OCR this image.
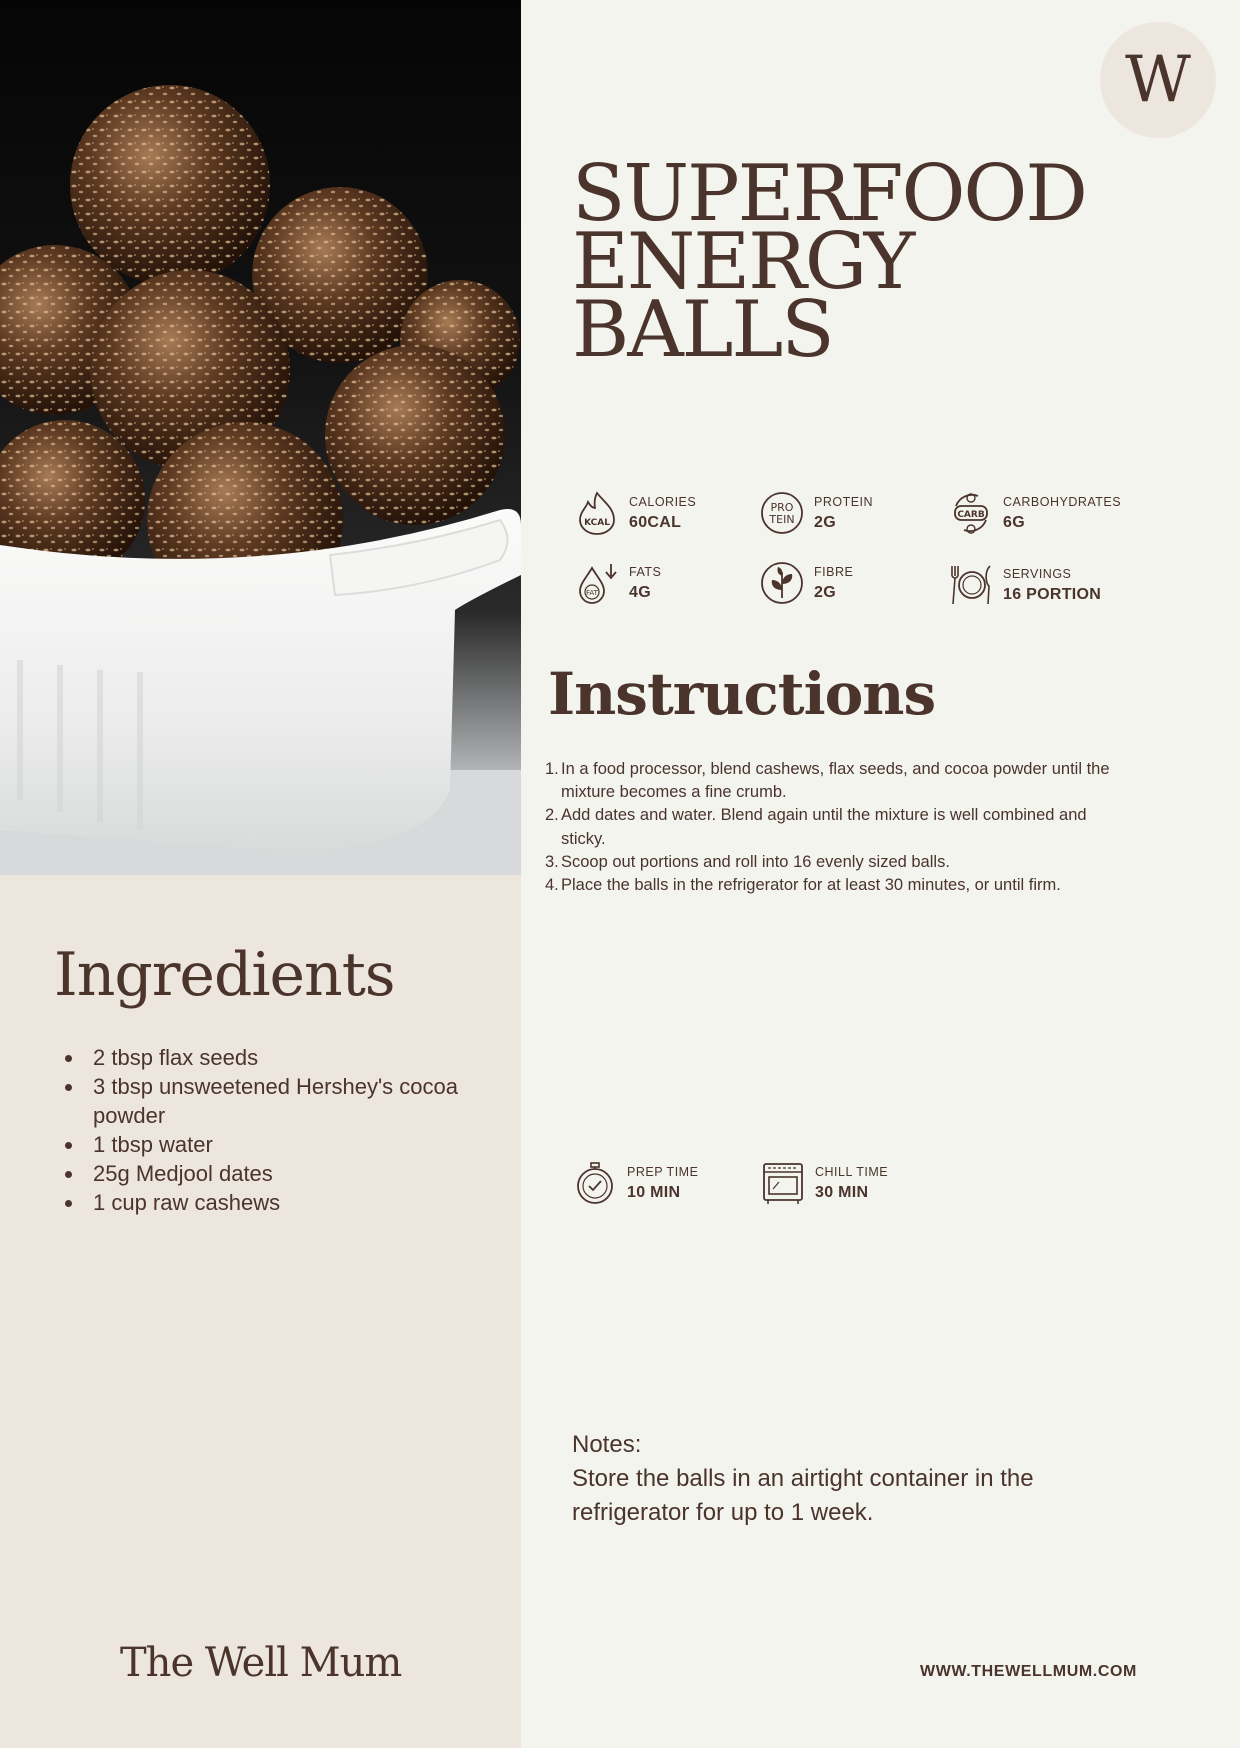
Ingredients
2 tbsp flax seeds
3 tbsp unsweetened Hershey's cocoa powder
1 tbsp water
25g Medjool dates
1 cup raw cashews
The Well Mum
W
SUPERFOOD
ENERGY
BALLS
KCAL
CALORIES
60CAL
PRO
TEIN
PROTEIN
2G	CARB
CARBOHYDRATES
6G
FAT
FATS
4G
FIBRE
2G
SERVINGS
16 PORTION
Instructions
1. In a food processor, blend cashews, flax seeds, and cocoa powder until the mixture becomes a fine crumb.
2. Add dates and water. Blend again until the mixture is well combined and sticky.
3. Scoop out portions and roll into 16 evenly sized balls.
4. Place the balls in the refrigerator for at least 30 minutes, or until firm.
PREP TIME
10 MIN
CHILL TIME
30 MIN
Notes:
Store the balls in an airtight container in the refrigerator for up to 1 week.
WWW.THEWELLMUM.COM
